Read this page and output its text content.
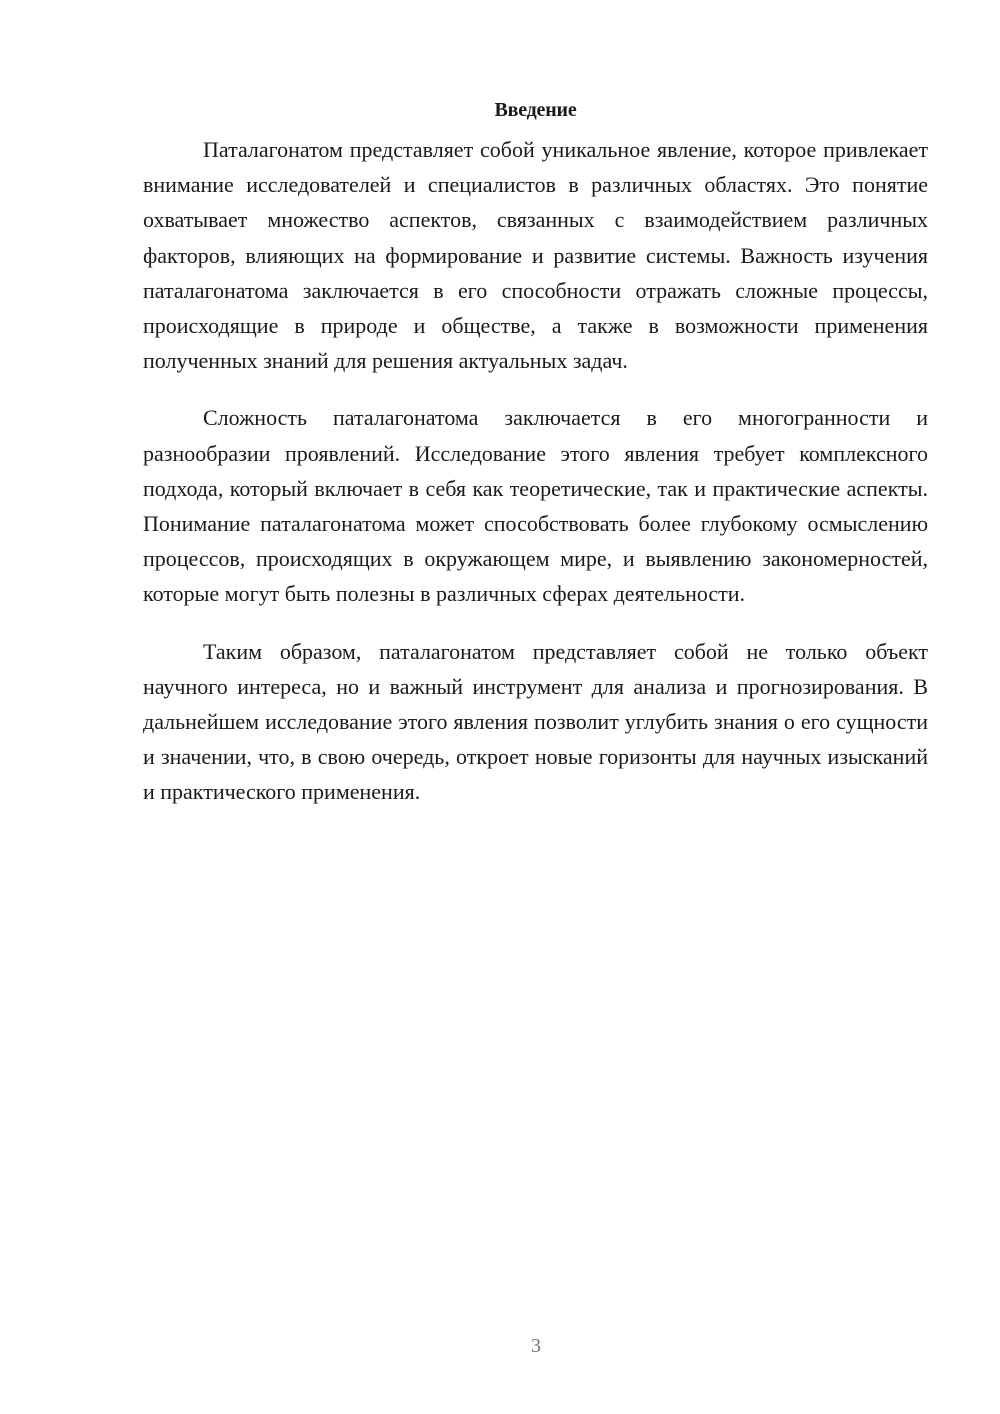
Введение

Паталагонатом представляет собой уникальное явление, которое привлекает внимание исследователей и специалистов в различных областях. Это понятие охватывает множество аспектов, связанных с взаимодействием различных факторов, влияющих на формирование и развитие системы. Важность изучения паталагонатома заключается в его способности отражать сложные процессы, происходящие в природе и обществе, а также в возможности применения полученных знаний для решения актуальных задач.

Сложность паталагонатома заключается в его многогранности и разнообразии проявлений. Исследование этого явления требует комплексного подхода, который включает в себя как теоретические, так и практические аспекты. Понимание паталагонатома может способствовать более глубокому осмыслению процессов, происходящих в окружающем мире, и выявлению закономерностей, которые могут быть полезны в различных сферах деятельности.

Таким образом, паталагонатом представляет собой не только объект научного интереса, но и важный инструмент для анализа и прогнозирования. В дальнейшем исследование этого явления позволит углубить знания о его сущности и значении, что, в свою очередь, откроет новые горизонты для научных изысканий и практического применения.

3
